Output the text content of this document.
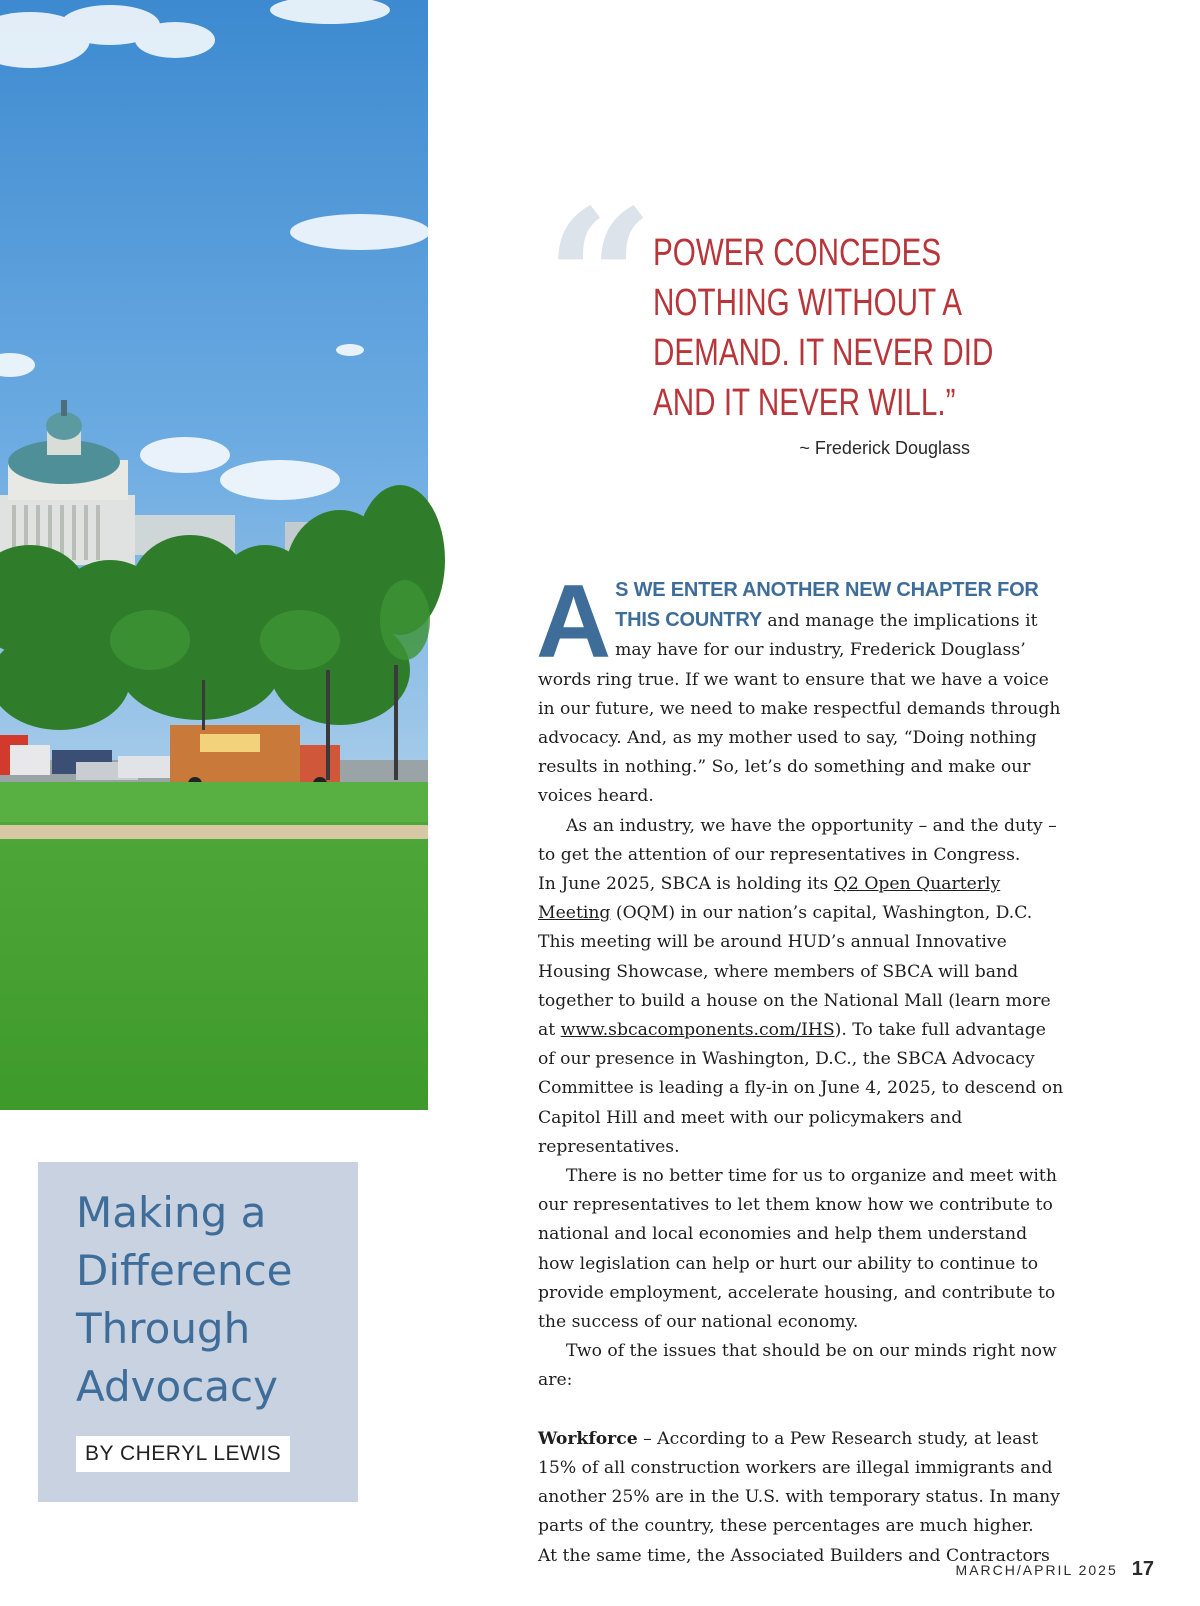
Making a
Difference
Through
Advocacy
BY CHERYL LEWIS
“
POWER CONCEDES
NOTHING WITHOUT A
DEMAND. IT NEVER DID
AND IT NEVER WILL.”
~ Frederick Douglass

A S WE ENTER ANOTHER NEW CHAPTER FOR THIS COUNTRY and manage the implications it may have for our industry, Frederick Douglass’ words ring true. If we want to ensure that we have a voice in our future, we need to make respectful demands through advocacy. And, as my mother used to say, “Doing nothing results in nothing.” So, let’s do something and make our voices heard.

As an industry, we have the opportunity – and the duty – to get the attention of our representatives in Congress.

In June 2025, SBCA is holding its Q2 Open Quarterly Meeting (OQM) in our nation’s capital, Washington, D.C. This meeting will be around HUD’s annual Innovative Housing Showcase, where members of SBCA will band together to build a house on the National Mall (learn more at www.sbcacomponents.com/IHS). To take full advantage of our presence in Washington, D.C., the SBCA Advocacy Committee is leading a fly-in on June 4, 2025, to descend on Capitol Hill and meet with our policymakers and representatives.

There is no better time for us to organize and meet with our representatives to let them know how we contribute to national and local economies and help them understand how legislation can help or hurt our ability to continue to provide employment, accelerate housing, and contribute to the success of our national economy.

Two of the issues that should be on our minds right now are:

Workforce – According to a Pew Research study, at least 15% of all construction workers are illegal immigrants and another 25% are in the U.S. with temporary status. In many parts of the country, these percentages are much higher.

At the same time, the Associated Builders and Contractors

MARCH/APRIL 2025 17
